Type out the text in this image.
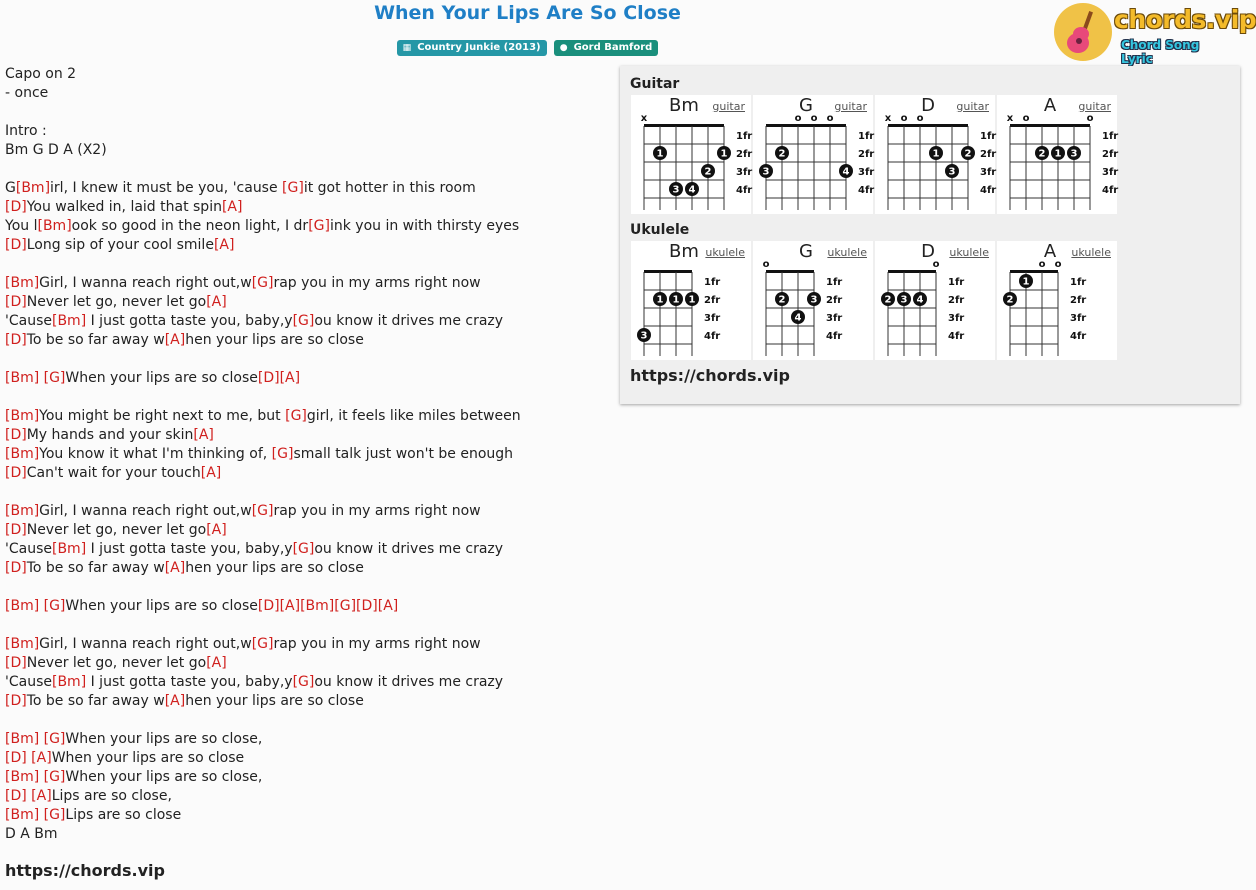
When Your Lips Are So Close
▦ Country Junkie (2013) ● Gord Bamford
chords.vip
Chord Song Lyric
Capo on 2
- once
Intro :
Bm G D A (X2)
G[Bm]irl, I knew it must be you, 'cause [G]it got hotter in this room
[D]You walked in, laid that spin[A]
You l[Bm]ook so good in the neon light, I dr[G]ink you in with thirsty eyes
[D]Long sip of your cool smile[A]
[Bm]Girl, I wanna reach right out,w[G]rap you in my arms right now
[D]Never let go, never let go[A]
'Cause[Bm] I just gotta taste you, baby,y[G]ou know it drives me crazy
[D]To be so far away w[A]hen your lips are so close
[Bm] [G]When your lips are so close[D][A]
[Bm]You might be right next to me, but [G]girl, it feels like miles between
[D]My hands and your skin[A]
[Bm]You know it what I'm thinking of, [G]small talk just won't be enough
[D]Can't wait for your touch[A]
[Bm]Girl, I wanna reach right out,w[G]rap you in my arms right now
[D]Never let go, never let go[A]
'Cause[Bm] I just gotta taste you, baby,y[G]ou know it drives me crazy
[D]To be so far away w[A]hen your lips are so close
[Bm] [G]When your lips are so close[D][A][Bm][G][D][A]
[Bm]Girl, I wanna reach right out,w[G]rap you in my arms right now
[D]Never let go, never let go[A]
'Cause[Bm] I just gotta taste you, baby,y[G]ou know it drives me crazy
[D]To be so far away w[A]hen your lips are so close
[Bm] [G]When your lips are so close,
[D] [A]When your lips are so close
[Bm] [G]When your lips are so close,
[D] [A]Lips are so close,
[Bm] [G]Lips are so close
D A Bm
https://chords.vip
Guitar
Bm	guitar
x
1fr
2fr
3fr
4fr
1	1
2
3 4
G	guitar
o o o
1fr
2fr
3fr
4fr
2
3	4
D	guitar
x o o
1fr
2fr
3fr
4fr
1	2
3
A	guitar
x o	o
1fr
2fr
3fr
4fr
2 1 3
Ukulele
Bm ukulele
1fr
2fr
3fr
4fr
1 1 1
3
G	ukulele
o
1fr
2fr
3fr
4fr
2	3
4
D	ukulele
o
1fr
2fr
3fr
4fr
2 3 4
A	ukulele
o o
1fr
2fr
3fr
4fr
1
2
https://chords.vip
